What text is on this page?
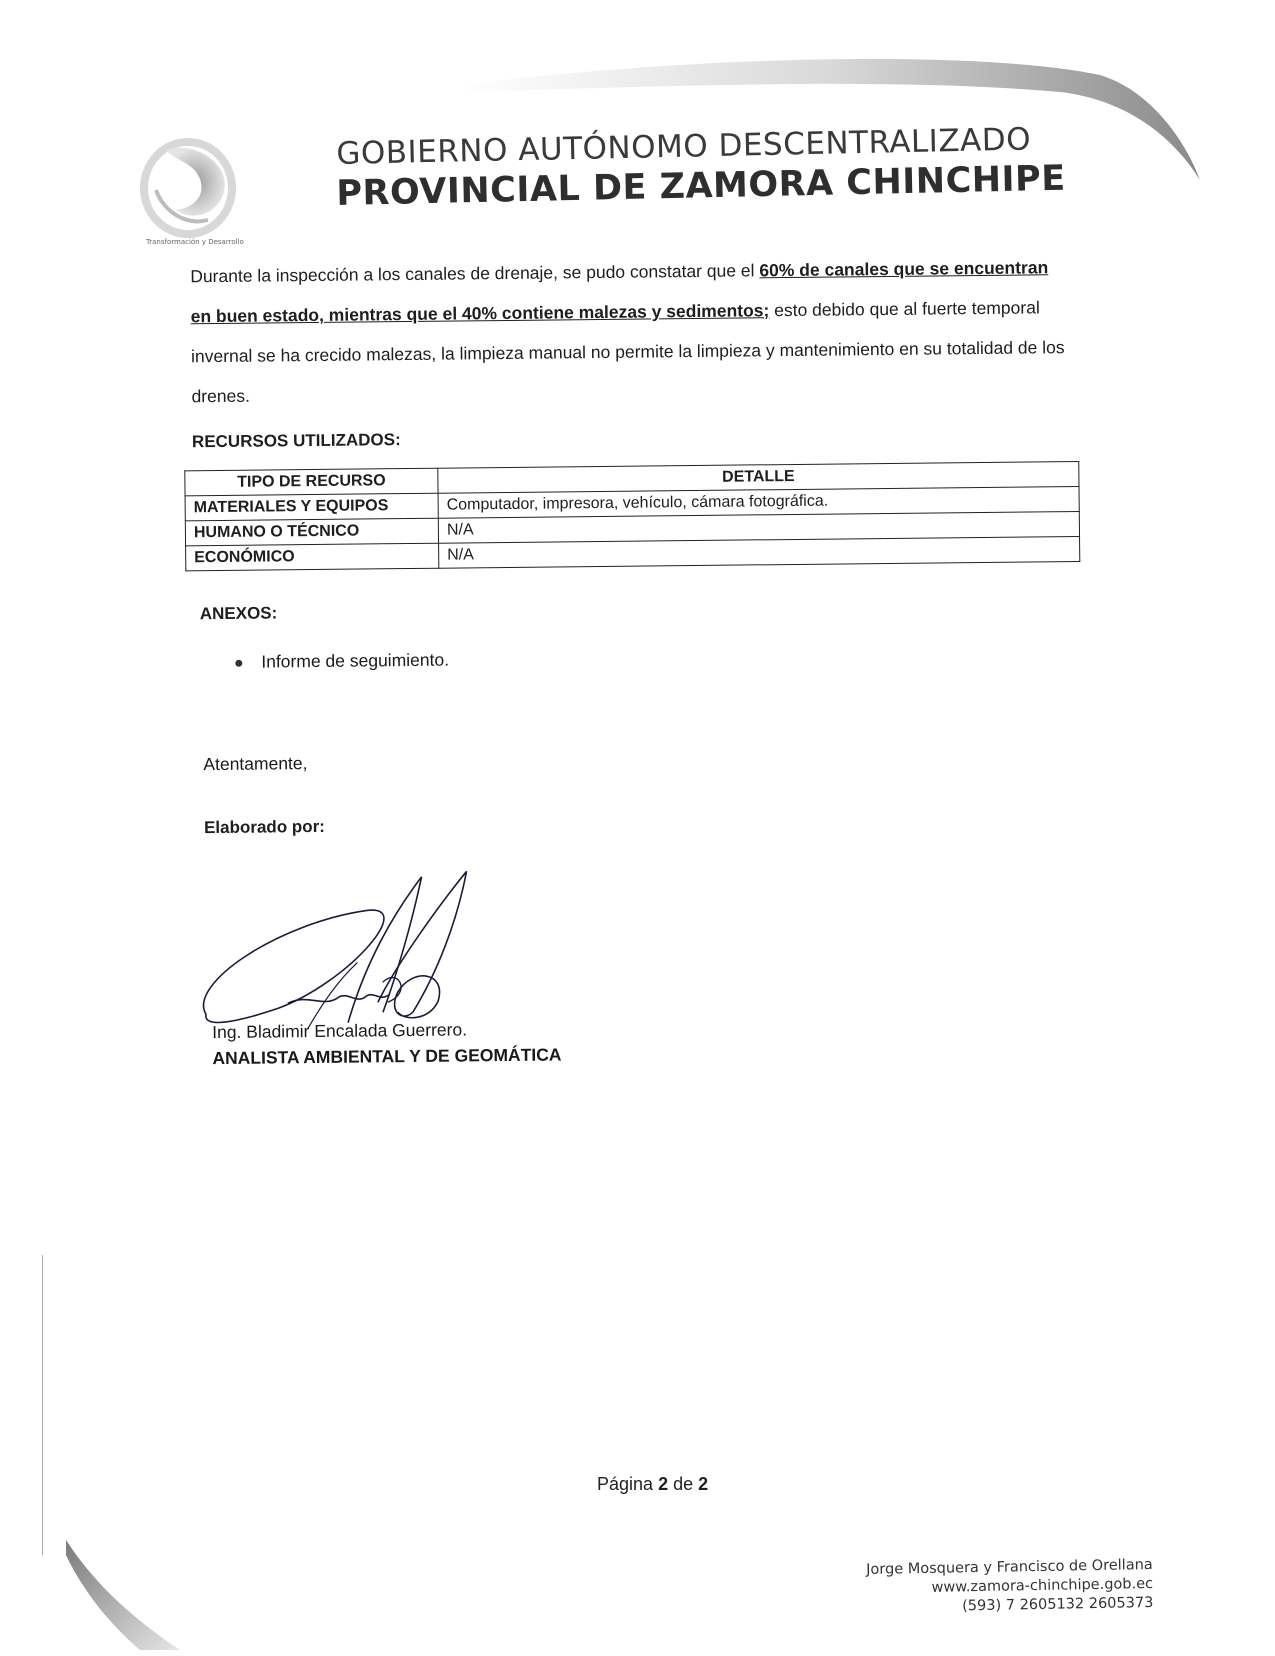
Transformación y Desarrollo
GOBIERNO AUTÓNOMO DESCENTRALIZADO
PROVINCIAL DE ZAMORA CHINCHIPE

Durante la inspección a los canales de drenaje, se pudo constatar que el 60% de canales que se encuentran en buen estado, mientras que el 40% contiene malezas y sedimentos; esto debido que al fuerte temporal invernal se ha crecido malezas, la limpieza manual no permite la limpieza y mantenimiento en su totalidad de los drenes.

RECURSOS UTILIZADOS:
TIPO DE RECURSO	DETALLE
MATERIALES Y EQUIPOS	Computador, impresora, vehículo, cámara fotográfica.
HUMANO O TÉCNICO	N/A
ECONÓMICO	N/A
ANEXOS:
Informe de seguimiento.
Atentamente,
Elaborado por:
Ing. Bladimir Encalada Guerrero.
ANALISTA AMBIENTAL Y DE GEOMÁTICA
Página 2 de 2
Jorge Mosquera y Francisco de Orellana
www.zamora-chinchipe.gob.ec
(593) 7 2605132 2605373
